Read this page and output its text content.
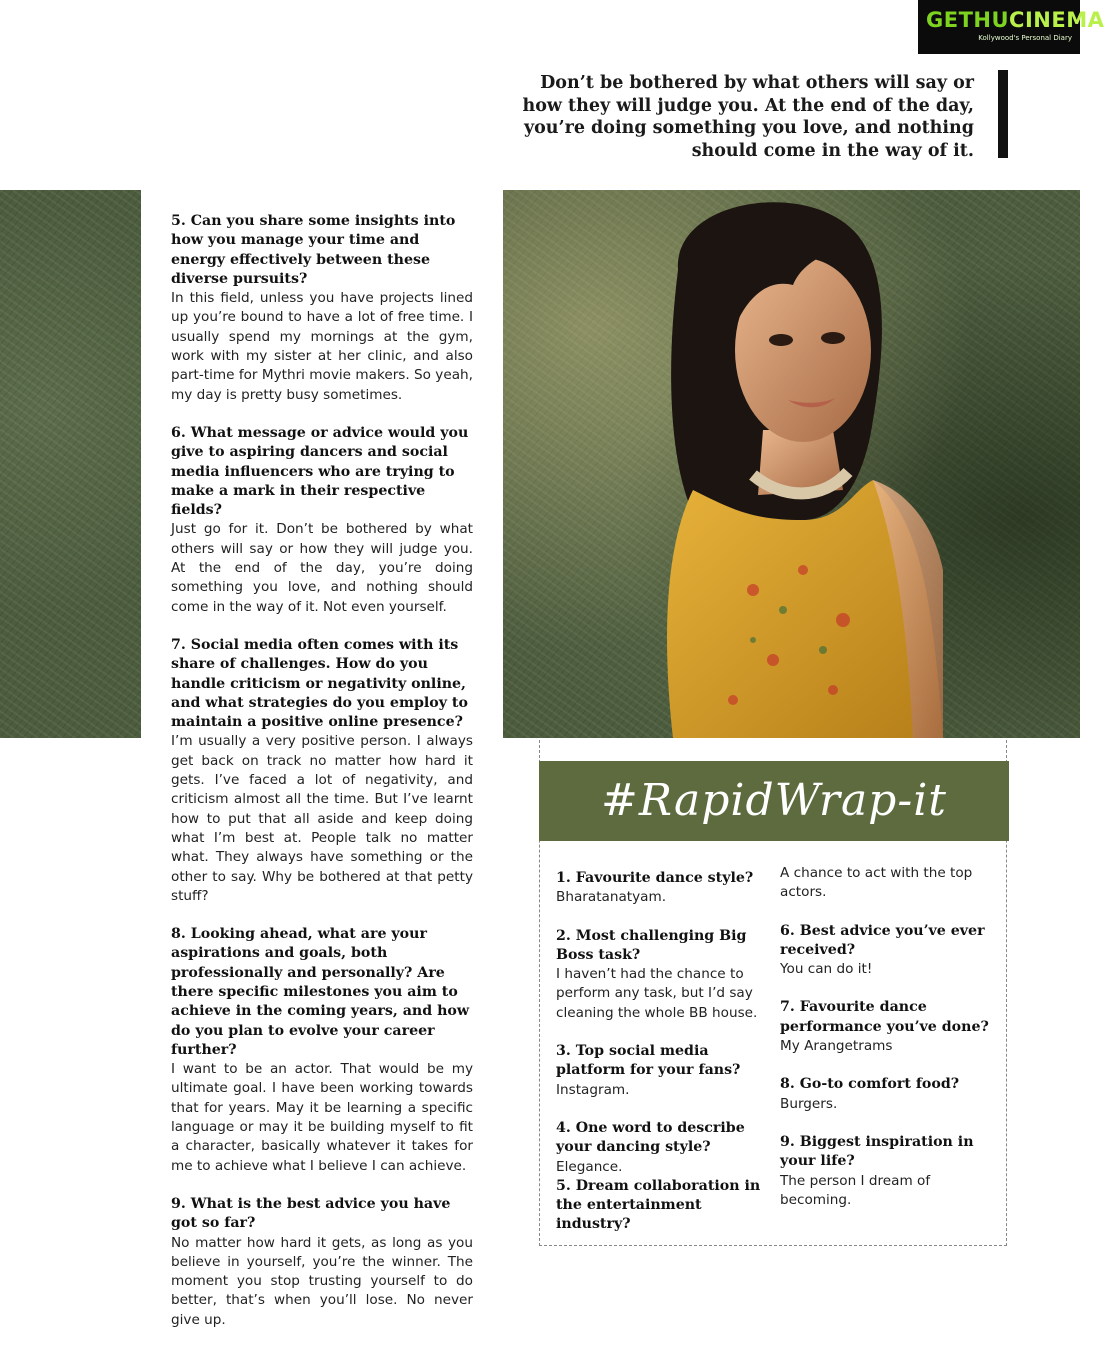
GETHUCINEMA
Kollywood's Personal Diary
Don’t be bothered by what others will say or how they will judge you. At the end of the day, you’re doing something you love, and nothing should come in the way of it.

5. Can you share some insights into how you manage your time and energy effectively between these diverse pursuits?

In this field, unless you have projects lined up you’re bound to have a lot of free time. I usually spend my mornings at the gym, work with my sister at her clinic, and also part-time for Mythri movie makers. So yeah, my day is pretty busy sometimes.

6. What message or advice would you give to aspiring dancers and social media influencers who are trying to make a mark in their respective fields?

Just go for it. Don’t be bothered by what others will say or how they will judge you. At the end of the day, you’re doing something you love, and nothing should come in the way of it. Not even yourself.

7. Social media often comes with its share of challenges. How do you handle criticism or negativity online, and what strategies do you employ to maintain a positive online presence?

I’m usually a very positive person. I always get back on track no matter how hard it gets. I’ve faced a lot of negativity, and criticism almost all the time. But I’ve learnt how to put that all aside and keep doing what I’m best at. People talk no matter what. They always have something or the other to say. Why be bothered at that petty stuff?

8. Looking ahead, what are your aspirations and goals, both professionally and personally? Are there specific milestones you aim to achieve in the coming years, and how do you plan to evolve your career further?

I want to be an actor. That would be my ultimate goal. I have been working towards that for years. May it be learning a specific language or may it be building myself to fit a character, basically whatever it takes for me to achieve what I believe I can achieve.

9. What is the best advice you have got so far?

No matter how hard it gets, as long as you believe in yourself, you’re the winner. The moment you stop trusting yourself to do better, that’s when you’ll lose. No never give up.

#RapidWrap-it

1. Favourite dance style?

Bharatanatyam.

2. Most challenging Big Boss task?

I haven’t had the chance to perform any task, but I’d say cleaning the whole BB house.

3. Top social media platform for your fans?

Instagram.

4. One word to describe your dancing style?

Elegance.

5. Dream collaboration in the entertainment industry?

A chance to act with the top actors.

6. Best advice you’ve ever received?

You can do it!

7. Favourite dance performance you’ve done?

My Arangetrams

8. Go-to comfort food?

Burgers.

9. Biggest inspiration in your life?

The person I dream of becoming.
